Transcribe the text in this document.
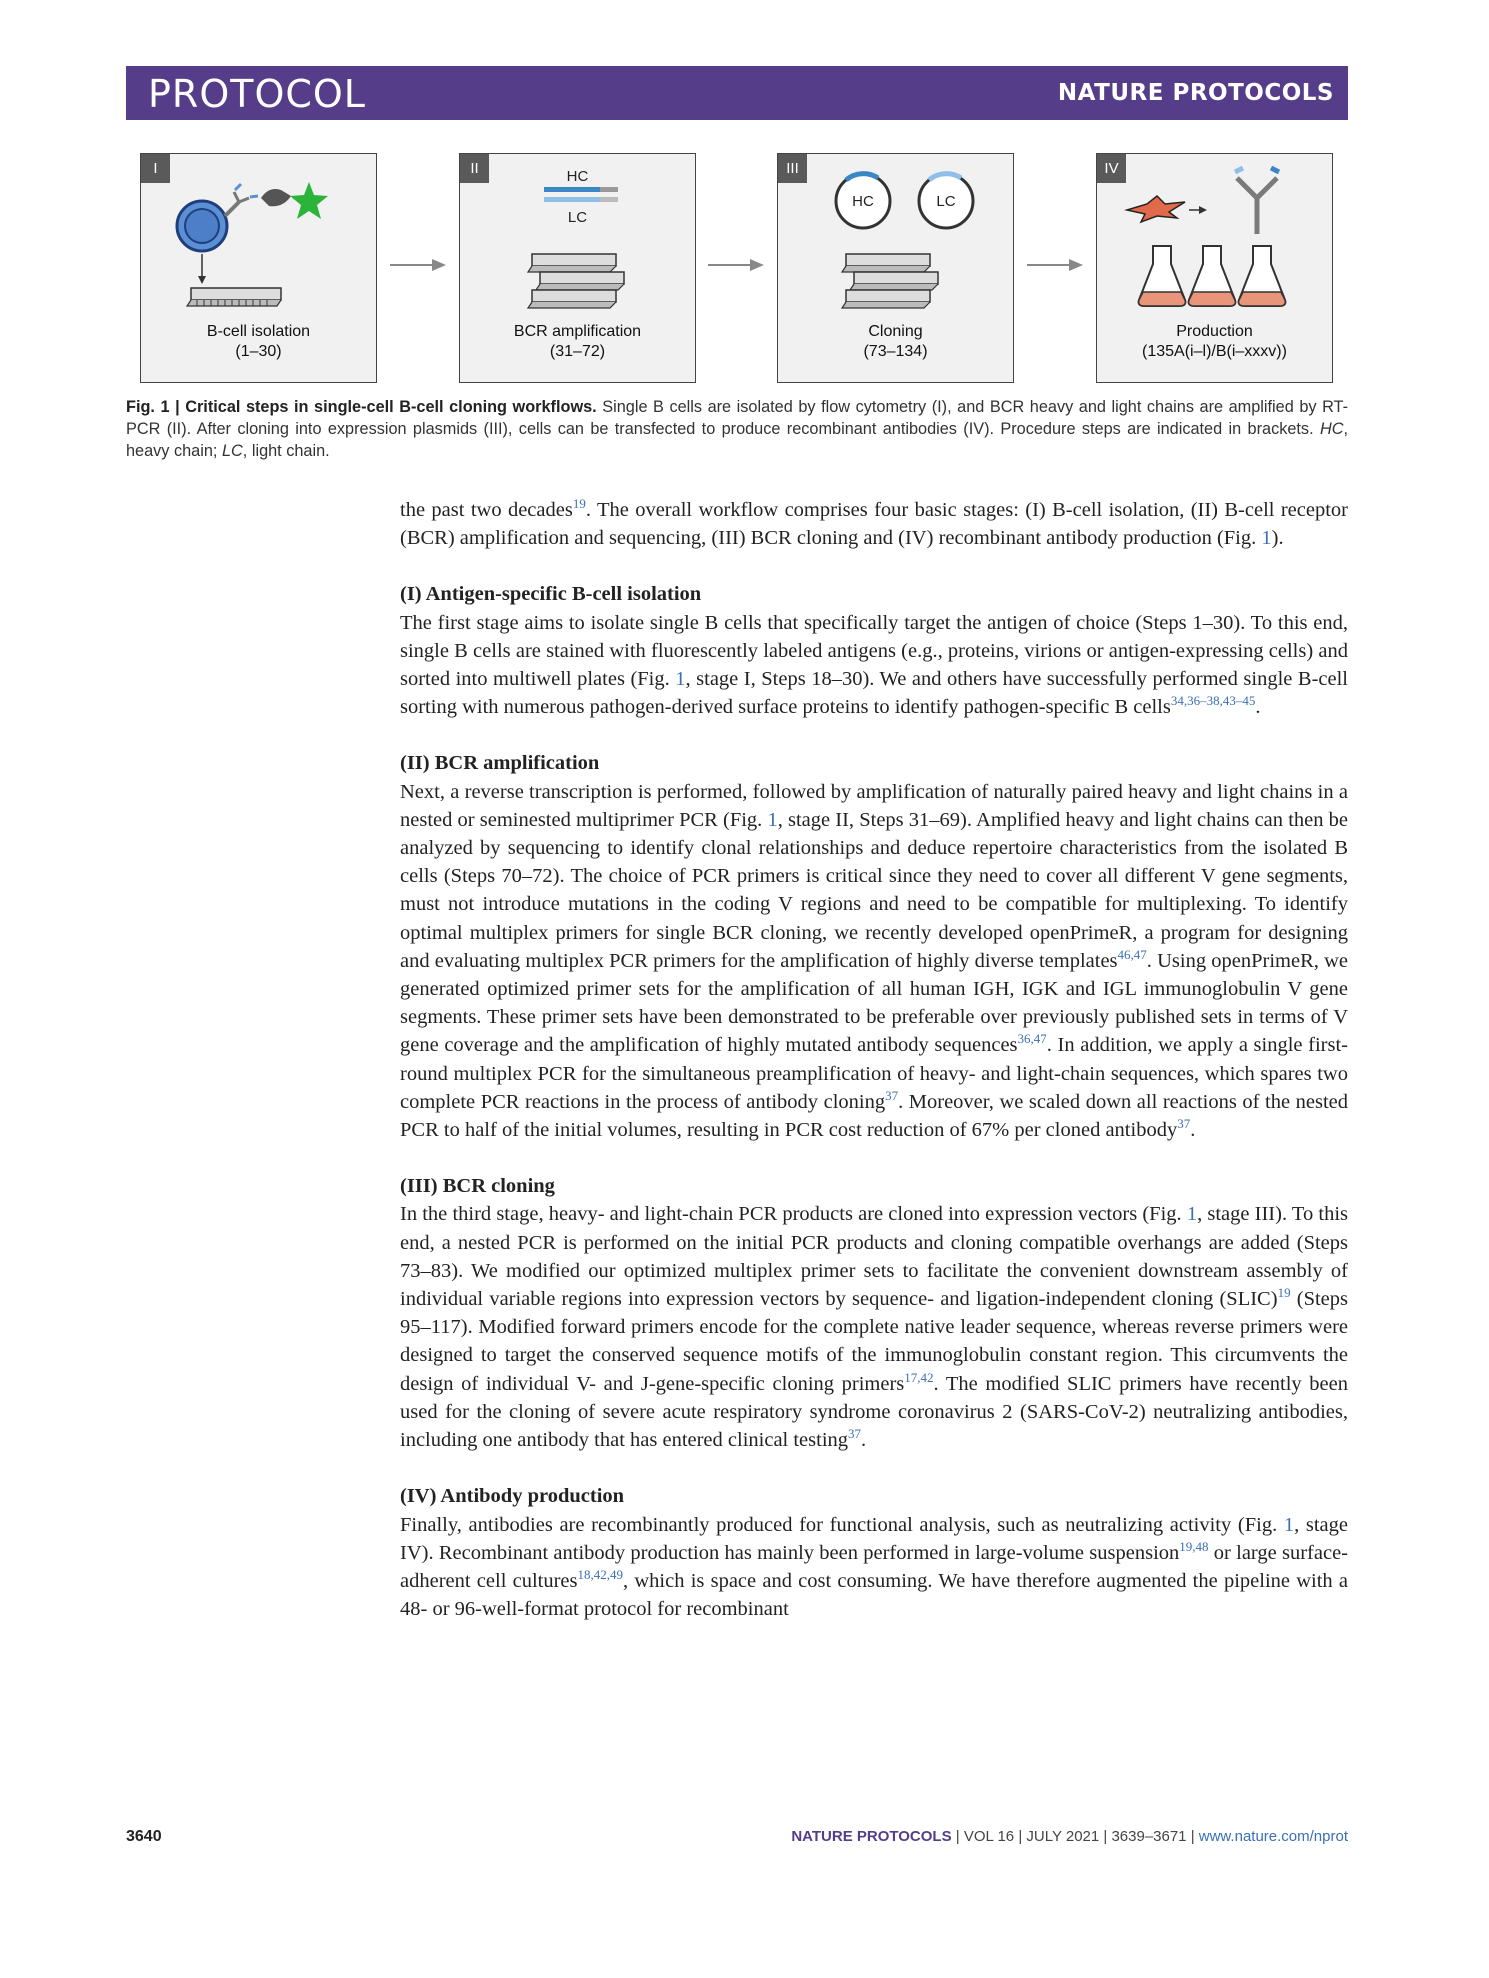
PROTOCOL	NATURE PROTOCOLS
I
B-cell isolation
(1–30)
II	HC
LC
BCR amplification
(31–72)
III
HC	LC
Cloning
(73–134)
IV
Production
(135A(i–l)/B(i–xxxv))
Fig. 1 | Critical steps in single-cell B-cell cloning workflows. Single B cells are isolated by flow cytometry (I), and BCR heavy and light chains are amplified by RT-PCR (II). After cloning into expression plasmids (III), cells can be transfected to produce recombinant antibodies (IV). Procedure steps are indicated in brackets. HC, heavy chain; LC, light chain.

the past two decades$^{19}$. The overall workflow comprises four basic stages: (I) B-cell isolation, (II) B-cell receptor (BCR) amplification and sequencing, (III) BCR cloning and (IV) recombinant antibody production (Fig. 1).

(I) Antigen-specific B-cell isolation

The first stage aims to isolate single B cells that specifically target the antigen of choice (Steps 1–30). To this end, single B cells are stained with fluorescently labeled antigens (e.g., proteins, virions or antigen-expressing cells) and sorted into multiwell plates (Fig. 1, stage I, Steps 18–30). We and others have successfully performed single B-cell sorting with numerous pathogen-derived surface proteins to identify pathogen-specific B cells$^{34,36-38,43-45}$.

(II) BCR amplification

Next, a reverse transcription is performed, followed by amplification of naturally paired heavy and light chains in a nested or seminested multiprimer PCR (Fig. 1, stage II, Steps 31–69). Amplified heavy and light chains can then be analyzed by sequencing to identify clonal relationships and deduce repertoire characteristics from the isolated B cells (Steps 70–72). The choice of PCR primers is critical since they need to cover all different V gene segments, must not introduce mutations in the coding V regions and need to be compatible for multiplexing. To identify optimal multiplex primers for single BCR cloning, we recently developed openPrimeR, a program for designing and evaluating multiplex PCR primers for the amplification of highly diverse templates$^{46,47}$. Using openPrimeR, we generated optimized primer sets for the amplification of all human IGH, IGK and IGL immunoglobulin V gene segments. These primer sets have been demonstrated to be preferable over previously published sets in terms of V gene coverage and the amplification of highly mutated antibody sequences$^{36,47}$. In addition, we apply a single first-round multiplex PCR for the simultaneous preamplification of heavy- and light-chain sequences, which spares two complete PCR reactions in the process of antibody cloning$^{37}$. Moreover, we scaled down all reactions of the nested PCR to half of the initial volumes, resulting in PCR cost reduction of 67% per cloned antibody$^{37}$.

(III) BCR cloning

In the third stage, heavy- and light-chain PCR products are cloned into expression vectors (Fig. 1, stage III). To this end, a nested PCR is performed on the initial PCR products and cloning compatible overhangs are added (Steps 73–83). We modified our optimized multiplex primer sets to facilitate the convenient downstream assembly of individual variable regions into expression vectors by sequence- and ligation-independent cloning (SLIC)$^{19}$ (Steps 95–117). Modified forward primers encode for the complete native leader sequence, whereas reverse primers were designed to target the conserved sequence motifs of the immunoglobulin constant region. This circumvents the design of individual V- and J-gene-specific cloning primers$^{17,42}$. The modified SLIC primers have recently been used for the cloning of severe acute respiratory syndrome coronavirus 2 (SARS-CoV-2) neutralizing antibodies, including one antibody that has entered clinical testing$^{37}$.

(IV) Antibody production

Finally, antibodies are recombinantly produced for functional analysis, such as neutralizing activity (Fig. 1, stage IV). Recombinant antibody production has mainly been performed in large-volume suspension$^{19,48}$ or large surface-adherent cell cultures$^{18,42,49}$, which is space and cost consuming. We have therefore augmented the pipeline with a 48- or 96-well-format protocol for recombinant

3640	NATURE PROTOCOLS | VOL 16 | JULY 2021 | 3639–3671 | www.nature.com/nprot
